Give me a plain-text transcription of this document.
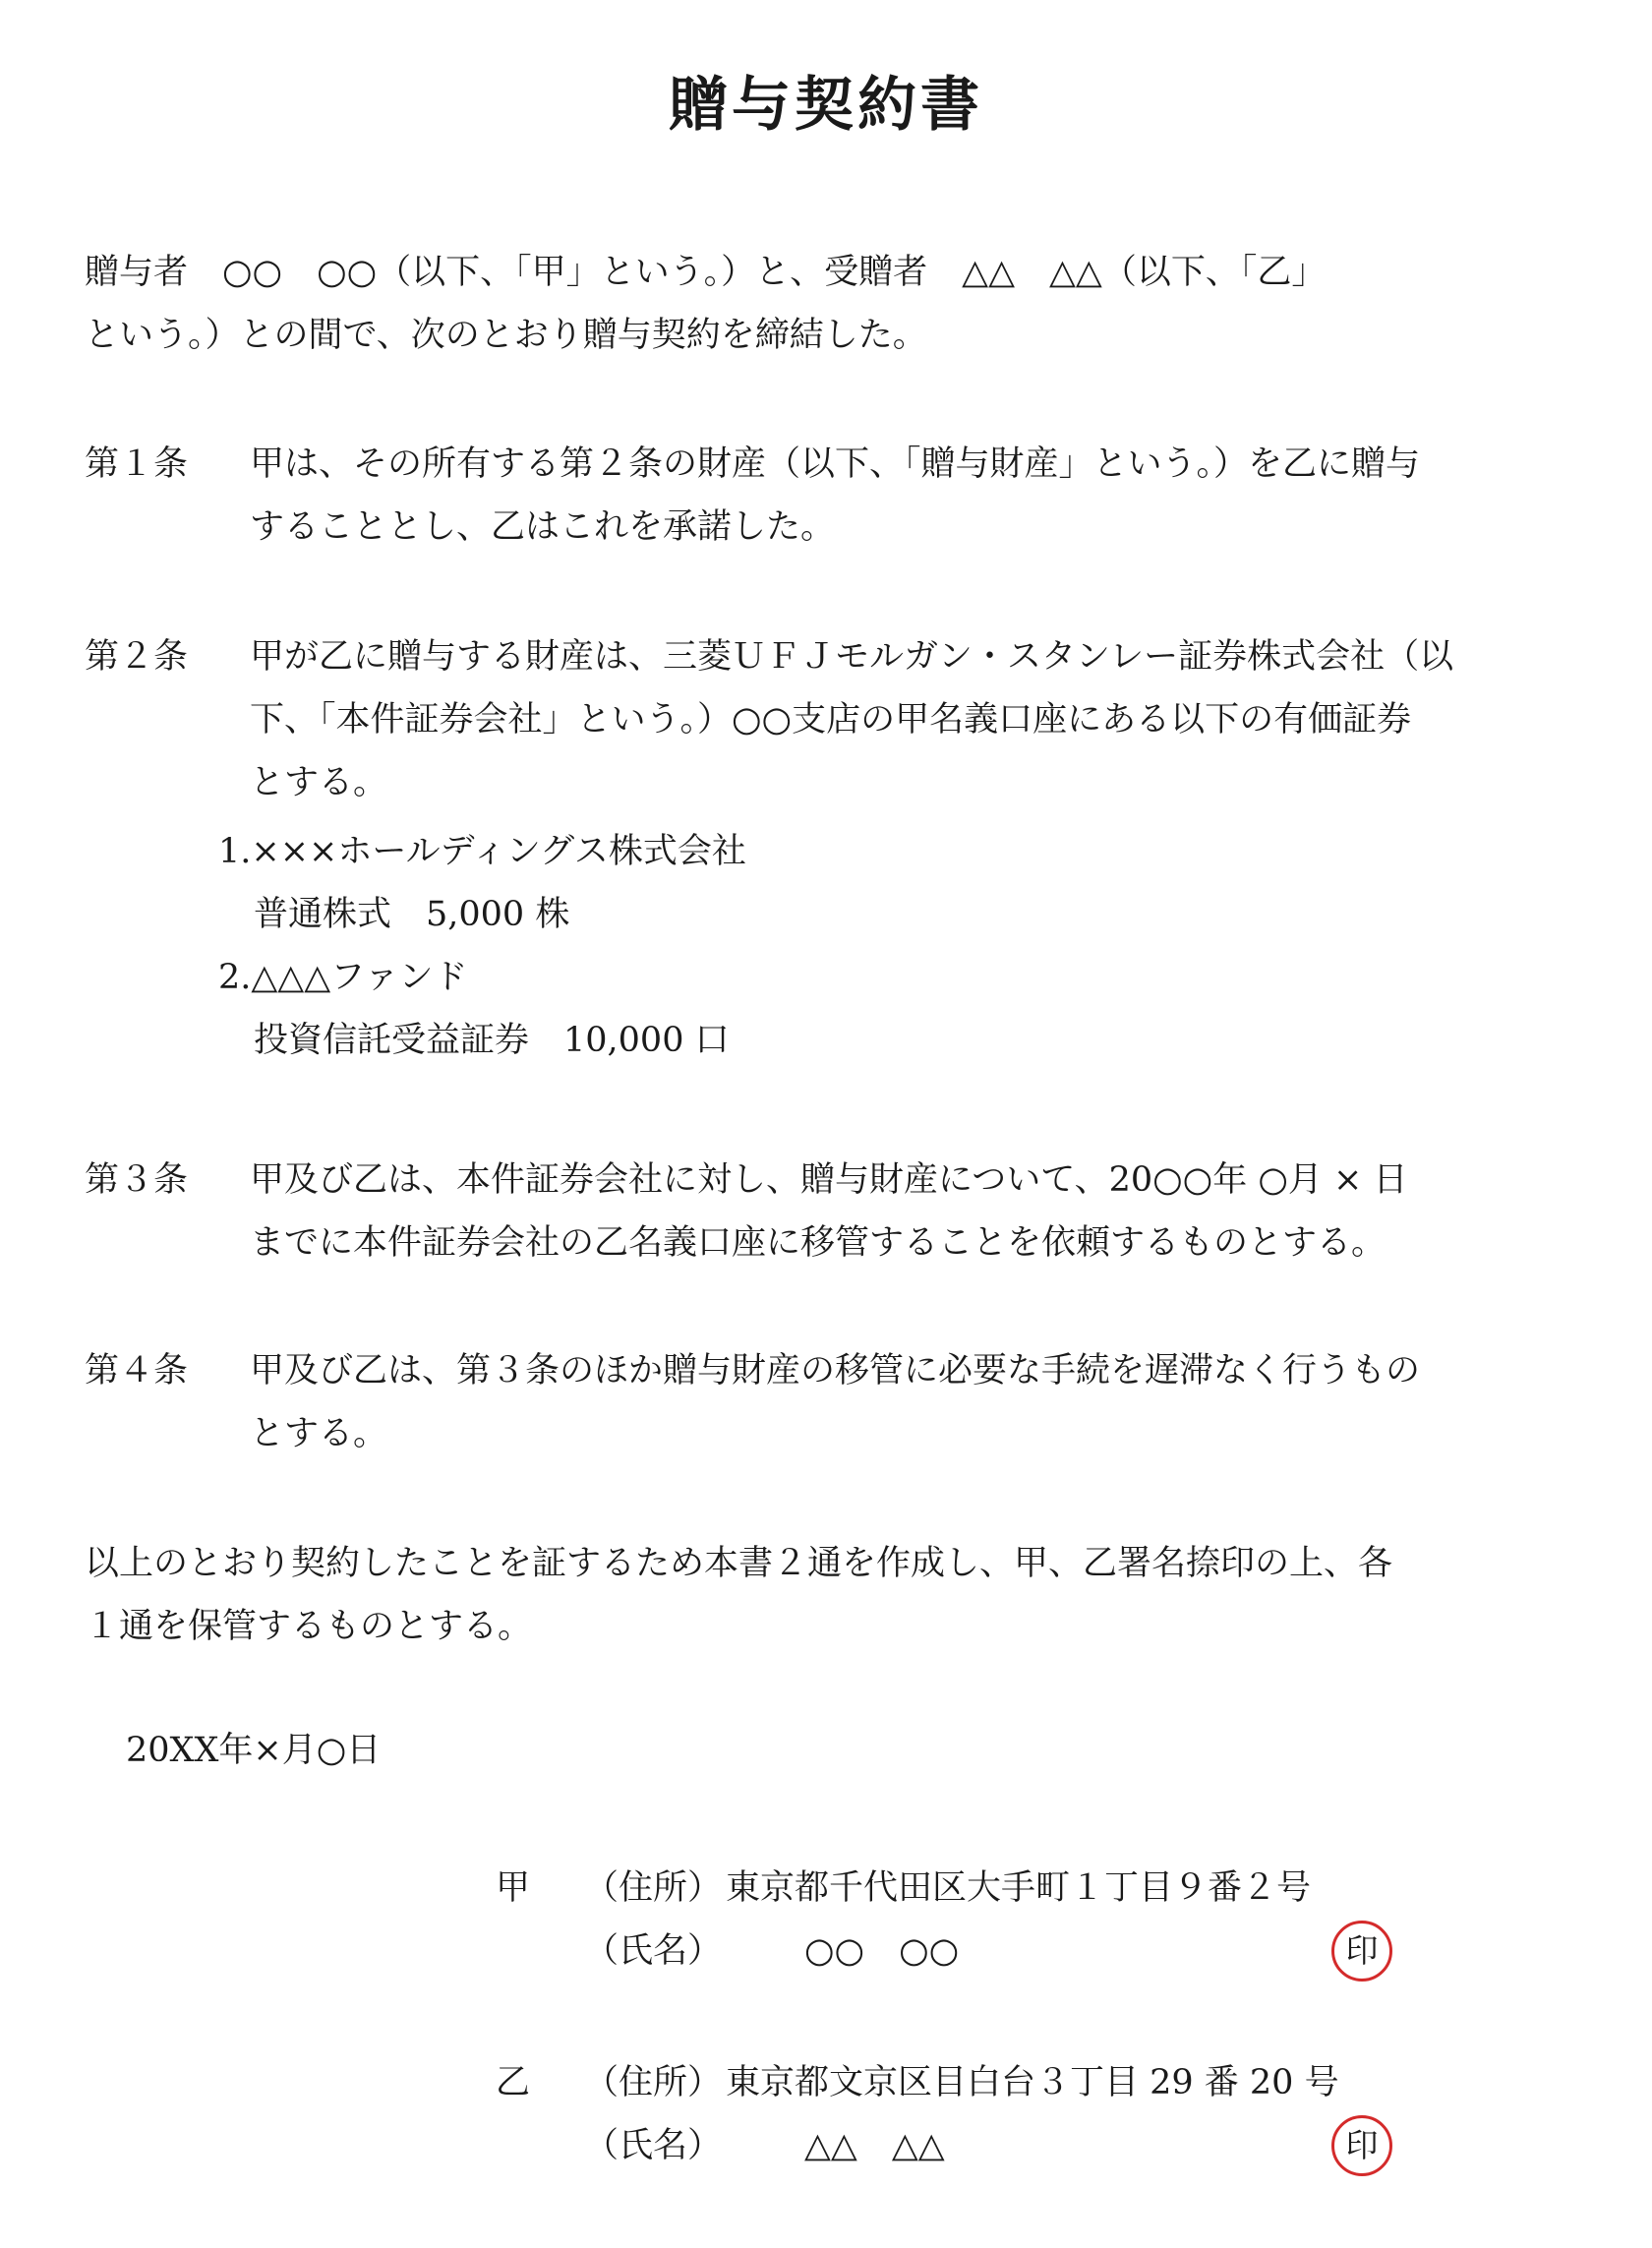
贈与契約書
贈与者　○○　○○（以下、「甲」という。）と、受贈者　△△　△△（以下、「乙」
という。）との間で、次のとおり贈与契約を締結した。
第１条 甲は、その所有する第２条の財産（以下、「贈与財産」という。）を乙に贈与
することとし、乙はこれを承諾した。
第２条 甲が乙に贈与する財産は、三菱ＵＦＪモルガン・スタンレー証券株式会社（以
下、「本件証券会社」という。）○○支店の甲名義口座にある以下の有価証券
とする。
1.×××ホールディングス株式会社
普通株式　5,000 株
2.△△△ファンド
投資信託受益証券　10,000 口
第３条 甲及び乙は、本件証券会社に対し、贈与財産について、20○○年 ○月 × 日
までに本件証券会社の乙名義口座に移管することを依頼するものとする。
第４条 甲及び乙は、第３条のほか贈与財産の移管に必要な手続を遅滞なく行うもの
とする。
以上のとおり契約したことを証するため本書２通を作成し、甲、乙署名捺印の上、各
１通を保管するものとする。
20XX年×月○日
甲 （住所） 東京都千代田区大手町１丁目９番２号
（氏名） ○○　○○	印
乙 （住所） 東京都文京区目白台３丁目 29 番 20 号
（氏名） △△　△△	印
